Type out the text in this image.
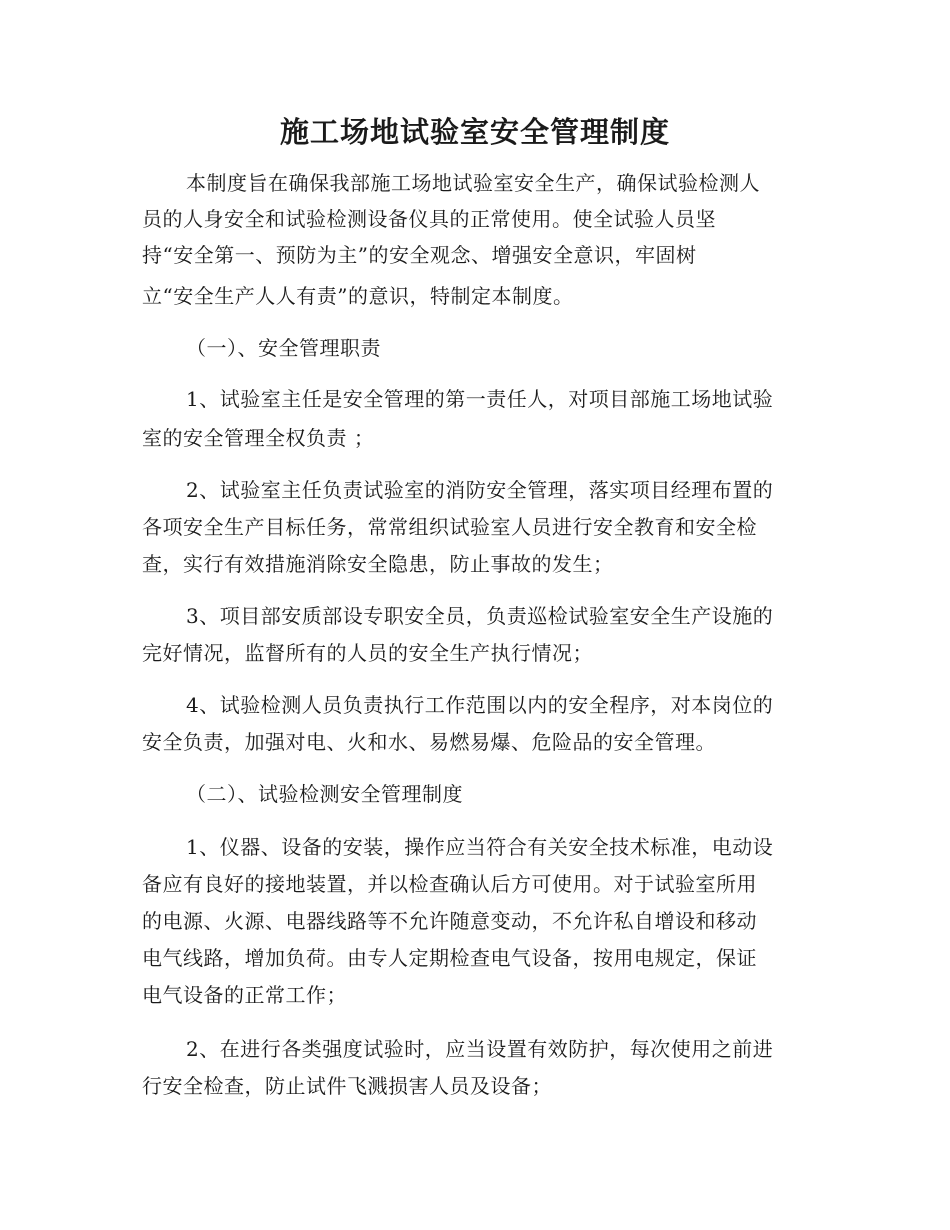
施工场地试验室安全管理制度
本制度旨在确保我部施工场地试验室安全生产，确保试验检测人
员的人身安全和试验检测设备仪具的正常使用。使全试验人员坚
持“安全第一、预防为主”的安全观念、增强安全意识，牢固树
立“安全生产人人有责”的意识，特制定本制度。
（一）、安全管理职责
1、试验室主任是安全管理的第一责任人，对项目部施工场地试验
室的安全管理全权负责 ；
2、试验室主任负责试验室的消防安全管理，落实项目经理布置的
各项安全生产目标任务，常常组织试验室人员进行安全教育和安全检
查，实行有效措施消除安全隐患，防止事故的发生；
3、项目部安质部设专职安全员，负责巡检试验室安全生产设施的
完好情况，监督所有的人员的安全生产执行情况；
4、试验检测人员负责执行工作范围以内的安全程序，对本岗位的
安全负责，加强对电、火和水、易燃易爆、危险品的安全管理。
（二）、试验检测安全管理制度
1、仪器、设备的安装，操作应当符合有关安全技术标准，电动设
备应有良好的接地装置，并以检查确认后方可使用。对于试验室所用
的电源、火源、电器线路等不允许随意变动，不允许私自增设和移动
电气线路，增加负荷。由专人定期检查电气设备，按用电规定，保证
电气设备的正常工作；
2、在进行各类强度试验时，应当设置有效防护，每次使用之前进
行安全检查，防止试件飞溅损害人员及设备；
